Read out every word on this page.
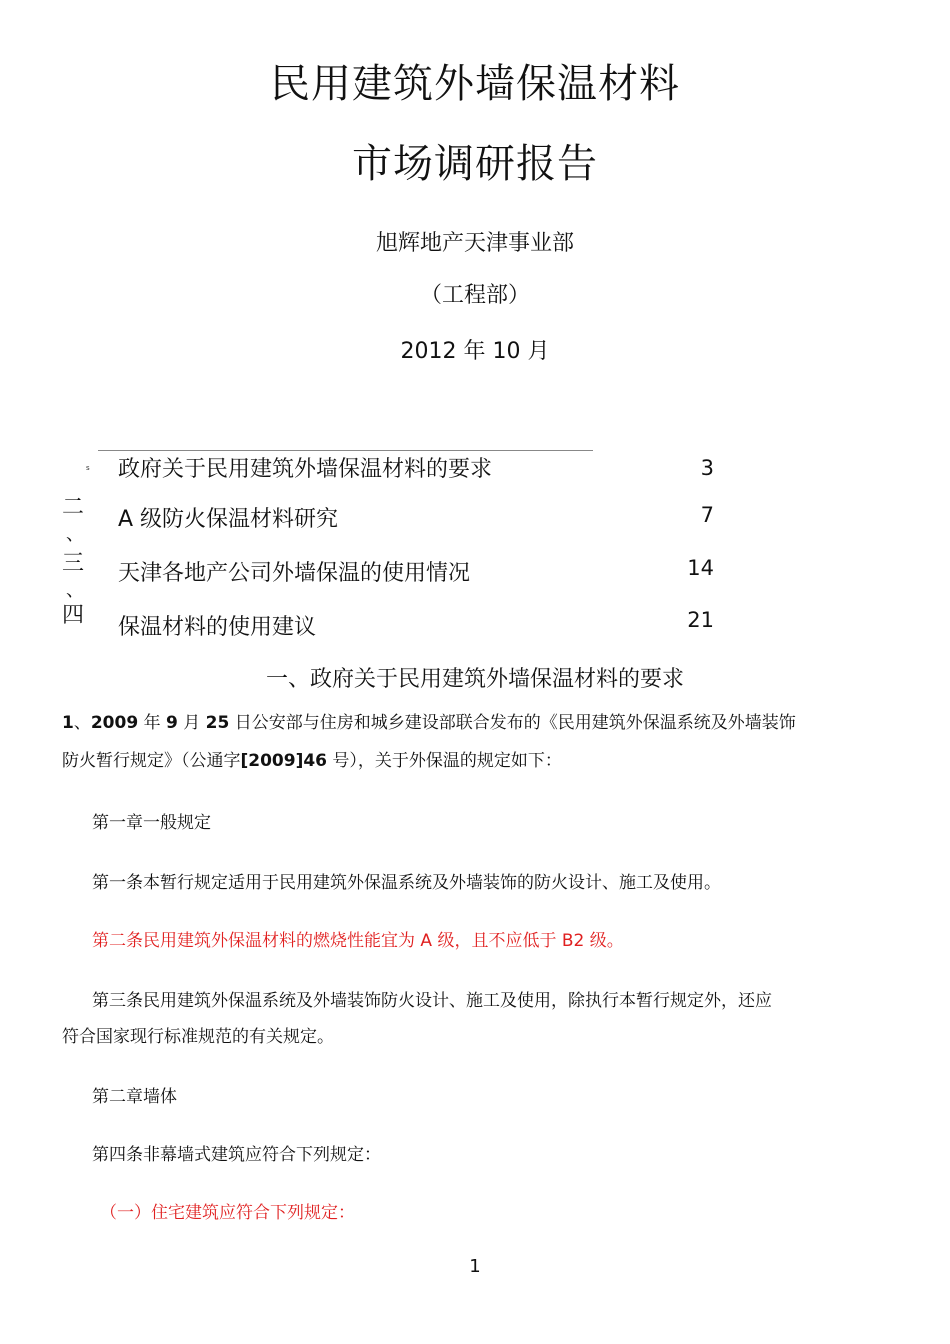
民用建筑外墙保温材料
市场调研报告
旭辉地产天津事业部
（工程部）
2012 年 10 月
s 政府关于民用建筑外墙保温材料的要求	3
二
、
A 级防火保温材料研究	7
三
、
天津各地产公司外墙保温的使用情况	14
四 保温材料的使用建议	21
一、政府关于民用建筑外墙保温材料的要求
1、2009 年 9 月 25 日公安部与住房和城乡建设部联合发布的《民用建筑外保温系统及外墙装饰
防火暂行规定》（公通字[2009]46 号），关于外保温的规定如下：
第一章一般规定
第一条本暂行规定适用于民用建筑外保温系统及外墙装饰的防火设计、施工及使用。
第二条民用建筑外保温材料的燃烧性能宜为 A 级，且不应低于 B2 级。
第三条民用建筑外保温系统及外墙装饰防火设计、施工及使用，除执行本暂行规定外，还应
符合国家现行标准规范的有关规定。
第二章墙体
第四条非幕墙式建筑应符合下列规定：
（一）住宅建筑应符合下列规定：
1
